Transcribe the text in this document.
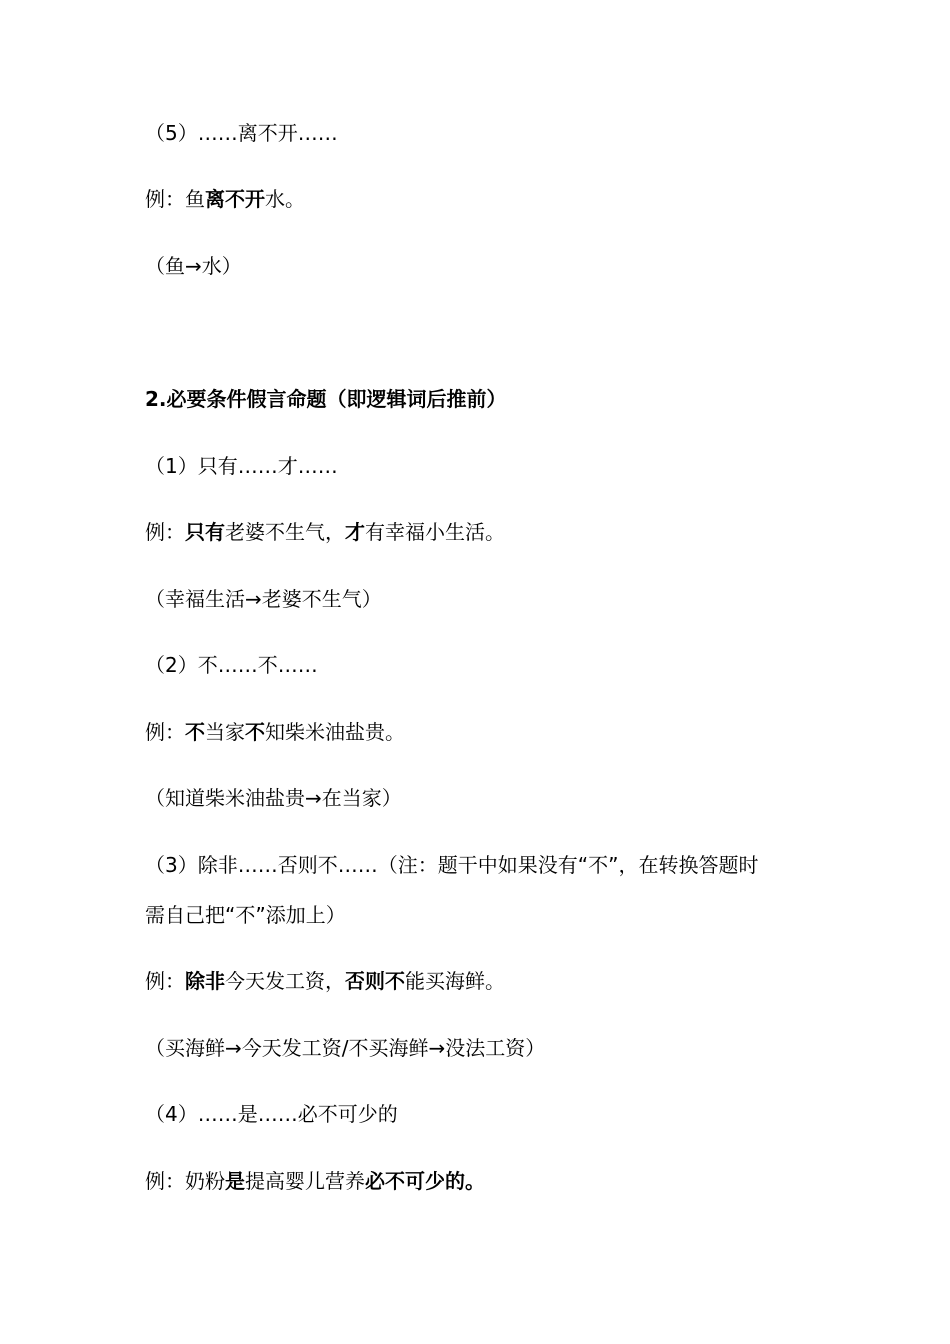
（5）……离不开……
例：鱼离不开水。
（鱼→水）
2.必要条件假言命题（即逻辑词后推前）
（1）只有……才……
例：只有老婆不生气，才有幸福小生活。
（幸福生活→老婆不生气）
（2）不……不……
例：不当家不知柴米油盐贵。
（知道柴米油盐贵→在当家）
（3）除非……否则不……（注：题干中如果没有“不”，在转换答题时
需自己把“不”添加上）
例：除非今天发工资，否则不能买海鲜。
（买海鲜→今天发工资/不买海鲜→没法工资）
（4）……是……必不可少的
例：奶粉是提高婴儿营养必不可少的。
